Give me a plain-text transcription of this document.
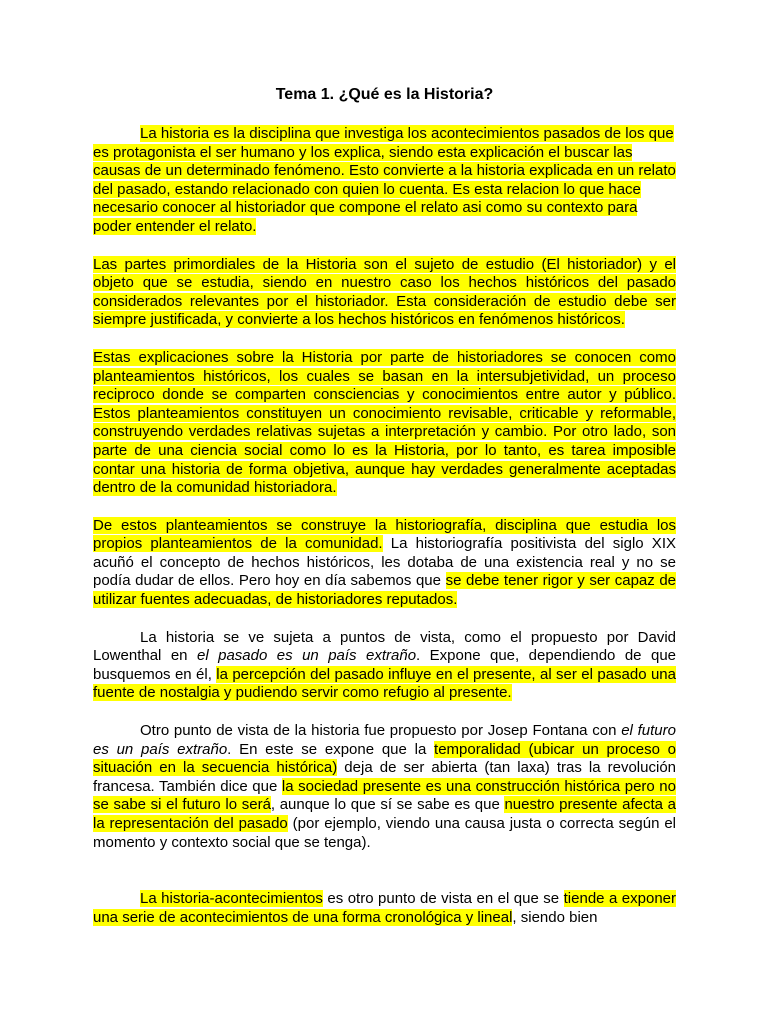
Tema 1. ¿Qué es la Historia?

La historia es la disciplina que investiga los acontecimientos pasados de los que es protagonista el ser humano y los explica, siendo esta explicación el buscar las causas de un determinado fenómeno. Esto convierte a la historia explicada en un relato del pasado, estando relacionado con quien lo cuenta. Es esta relacion lo que hace necesario conocer al historiador que compone el relato asi como su contexto para poder entender el relato.

Las partes primordiales de la Historia son el sujeto de estudio (El historiador) y el objeto que se estudia, siendo en nuestro caso los hechos históricos del pasado considerados relevantes por el historiador. Esta consideración de estudio debe ser siempre justificada, y convierte a los hechos históricos en fenómenos históricos.

Estas explicaciones sobre la Historia por parte de historiadores se conocen como planteamientos históricos, los cuales se basan en la intersubjetividad, un proceso reciproco donde se comparten consciencias y conocimientos entre autor y público. Estos planteamientos constituyen un conocimiento revisable, criticable y reformable, construyendo verdades relativas sujetas a interpretación y cambio. Por otro lado, son parte de una ciencia social como lo es la Historia, por lo tanto, es tarea imposible contar una historia de forma objetiva, aunque hay verdades generalmente aceptadas dentro de la comunidad historiadora.

De estos planteamientos se construye la historiografía, disciplina que estudia los propios planteamientos de la comunidad. La historiografía positivista del siglo XIX acuñó el concepto de hechos históricos, les dotaba de una existencia real y no se podía dudar de ellos. Pero hoy en día sabemos que se debe tener rigor y ser capaz de utilizar fuentes adecuadas, de historiadores reputados.

La historia se ve sujeta a puntos de vista, como el propuesto por David Lowenthal en el pasado es un país extraño. Expone que, dependiendo de que busquemos en él, la percepción del pasado influye en el presente, al ser el pasado una fuente de nostalgia y pudiendo servir como refugio al presente.

Otro punto de vista de la historia fue propuesto por Josep Fontana con el futuro es un país extraño. En este se expone que la temporalidad (ubicar un proceso o situación en la secuencia histórica) deja de ser abierta (tan laxa) tras la revolución francesa. También dice que la sociedad presente es una construcción histórica pero no se sabe si el futuro lo será, aunque lo que sí se sabe es que nuestro presente afecta a la representación del pasado (por ejemplo, viendo una causa justa o correcta según el momento y contexto social que se tenga).

La historia-acontecimientos es otro punto de vista en el que se tiende a exponer una serie de acontecimientos de una forma cronológica y lineal, siendo bien
